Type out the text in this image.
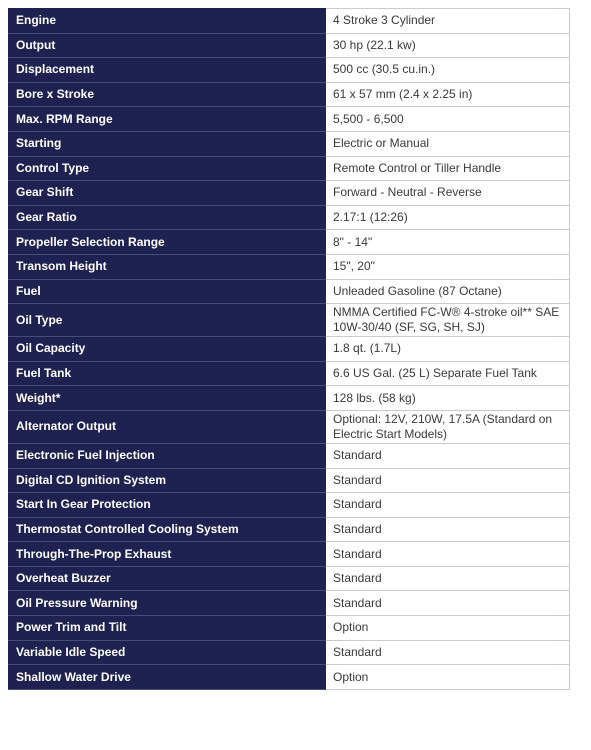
Engine	4 Stroke 3 Cylinder
Output	30 hp (22.1 kw)
Displacement	500 cc (30.5 cu.in.)
Bore x Stroke	61 x 57 mm (2.4 x 2.25 in)
Max. RPM Range	5,500 - 6,500
Starting	Electric or Manual
Control Type	Remote Control or Tiller Handle
Gear Shift	Forward - Neutral - Reverse
Gear Ratio	2.17:1 (12:26)
Propeller Selection Range	8" - 14"
Transom Height	15", 20"
Fuel	Unleaded Gasoline (87 Octane)
Oil Type	NMMA Certified FC-W® 4-stroke oil** SAE
10W-30/40 (SF, SG, SH, SJ)

Oil Capacity	1.8 qt. (1.7L)
Fuel Tank	6.6 US Gal. (25 L) Separate Fuel Tank
Weight*	128 lbs. (58 kg)
Alternator Output	Optional: 12V, 210W, 17.5A (Standard on
Electric Start Models)

Electronic Fuel Injection	Standard
Digital CD Ignition System	Standard
Start In Gear Protection	Standard
Thermostat Controlled Cooling System	Standard
Through-The-Prop Exhaust	Standard
Overheat Buzzer	Standard
Oil Pressure Warning	Standard
Power Trim and Tilt	Option
Variable Idle Speed	Standard
Shallow Water Drive	Option
